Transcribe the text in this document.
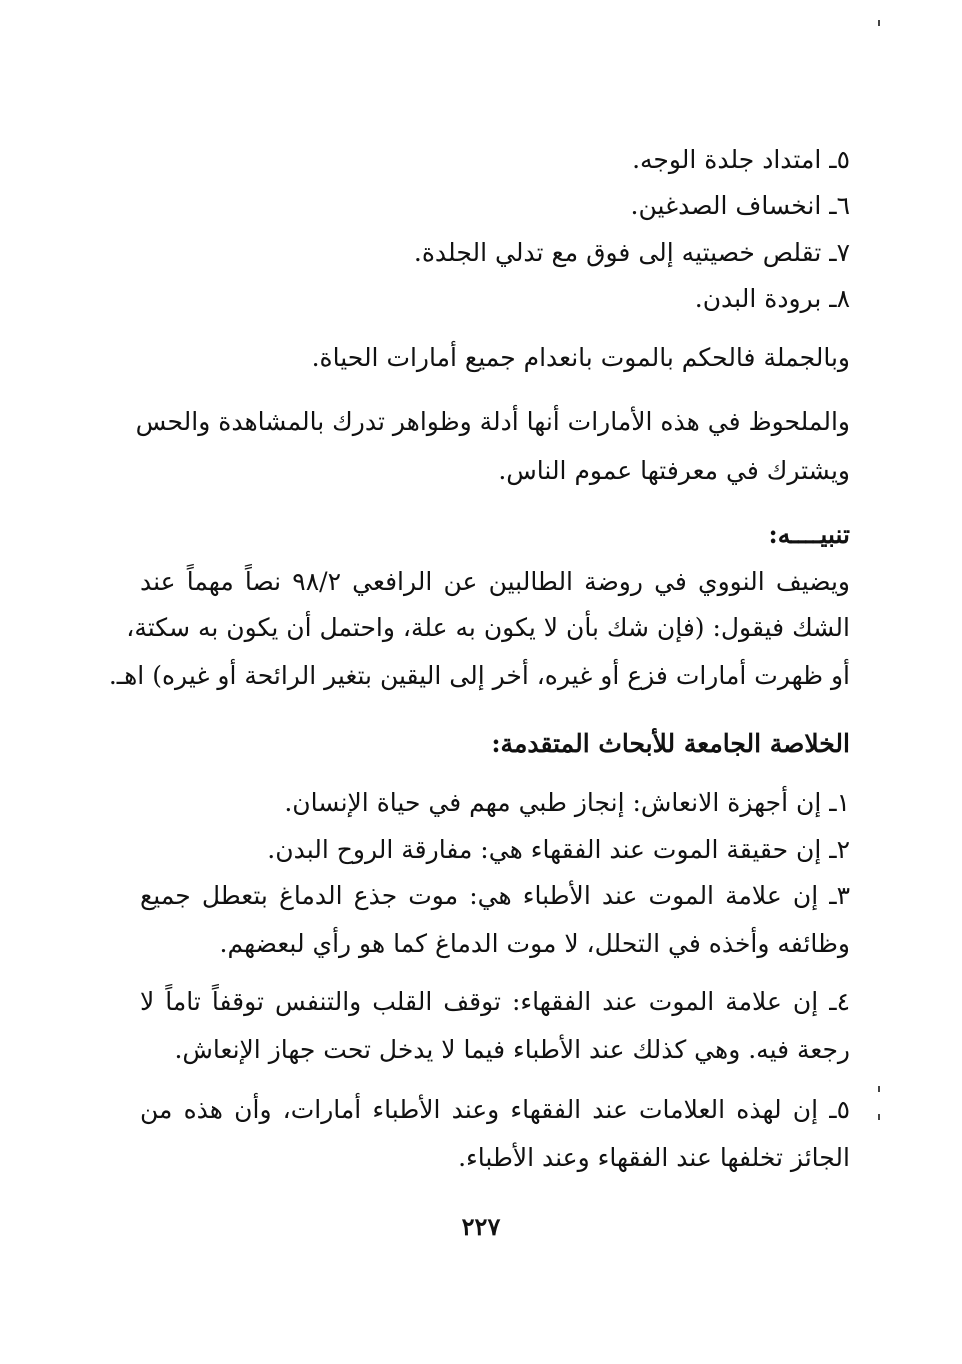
٥ـ امتداد جلدة الوجه.
٦ـ انخساف الصدغين.
٧ـ تقلص خصيتيه إلى فوق مع تدلي الجلدة.
٨ـ برودة البدن.
وبالجملة فالحكم بالموت بانعدام جميع أمارات الحياة.
والملحوظ في هذه الأمارات أنها أدلة وظواهر تدرك بالمشاهدة والحس
ويشترك في معرفتها عموم الناس.
تنبيــــه:
ويضيف النووي في روضة الطالبين عن الرافعي ٩٨/٢ نصاً مهماً عند
الشك فيقول: (فإن شك بأن لا يكون به علة، واحتمل أن يكون به سكتة،
أو ظهرت أمارات فزع أو غيره، أخر إلى اليقين بتغير الرائحة أو غيره) اهـ.
الخلاصة الجامعة للأبحاث المتقدمة:
١ـ إن أجهزة الانعاش: إنجاز طبي مهم في حياة الإنسان.
٢ـ إن حقيقة الموت عند الفقهاء هي: مفارقة الروح البدن.
٣ـ إن علامة الموت عند الأطباء هي: موت جذع الدماغ بتعطل جميع
وظائفه وأخذه في التحلل، لا موت الدماغ كما هو رأي لبعضهم.
٤ـ إن علامة الموت عند الفقهاء: توقف القلب والتنفس توقفاً تاماً لا
رجعة فيه. وهي كذلك عند الأطباء فيما لا يدخل تحت جهاز الإنعاش.
٥ـ إن لهذه العلامات عند الفقهاء وعند الأطباء أمارات، وأن هذه من
الجائز تخلفها عند الفقهاء وعند الأطباء.
٢٢٧
